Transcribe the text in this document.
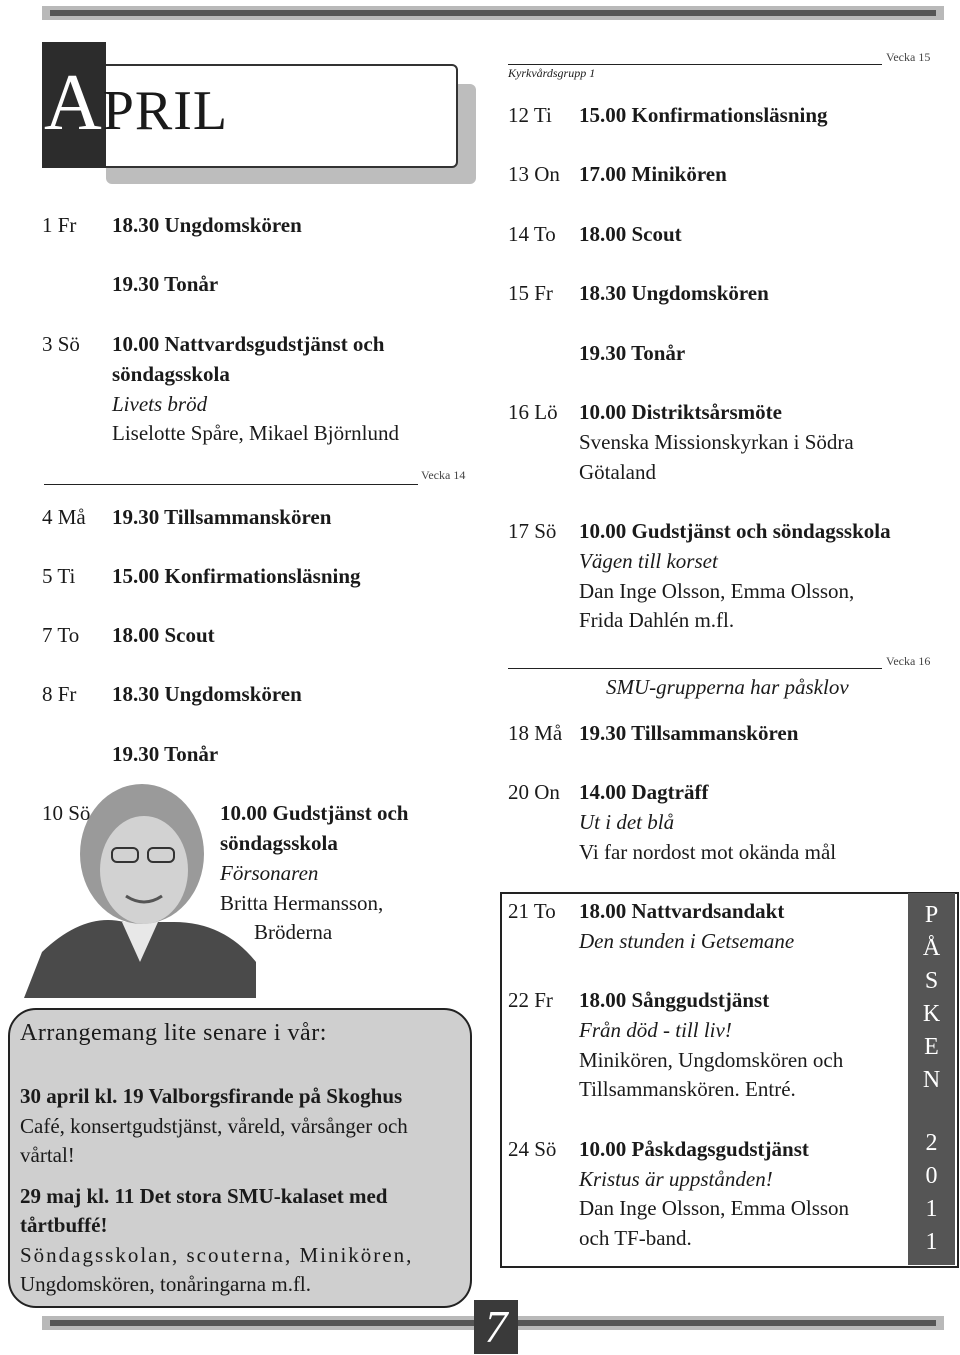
7
APRIL
1 Fr 18.30 Ungdomskören
19.30 Tonår
3 Sö 10.00 Nattvardsgudstjänst och
söndagsskola
Livets bröd
Liselotte Spåre, Mikael Björnlund
Vecka 14
4 Må 19.30 Tillsammanskören
5 Ti 15.00 Konfirmationsläsning
7 To 18.00 Scout
8 Fr 18.30 Ungdomskören
19.30 Tonår
10 Sö	10.00 Gudstjänst och
söndagsskola
Försonaren
Britta Hermansson,
Bröderna
Arrangemang lite senare i vår:
30 april kl. 19 Valborgsfirande på Skoghus
Café, konsertgudstjänst, våreld, vårsånger och
vårtal!
29 maj kl. 11 Det stora SMU-kalaset med
tårtbuffé!
Söndagsskolan, scouterna, Minikören,
Ungdomskören, tonåringarna m.fl.
Kyrkvårdsgrupp 1
Vecka 15
12 Ti 15.00 Konfirmationsläsning
13 On 17.00 Minikören
14 To 18.00 Scout
15 Fr 18.30 Ungdomskören
19.30 Tonår
16 Lö 10.00 Distriktsårsmöte
Svenska Missionskyrkan i Södra
Götaland
17 Sö 10.00 Gudstjänst och söndagsskola
Vägen till korset
Dan Inge Olsson, Emma Olsson,
Frida Dahlén m.fl.
Vecka 16
SMU-grupperna har påsklov
18 Må 19.30 Tillsammanskören
20 On 14.00 Dagträff
Ut i det blå
Vi far nordost mot okända mål
P
Å
S
K
E
N
2
0
1
1
21 To 18.00 Nattvardsandakt
Den stunden i Getsemane
22 Fr 18.00 Sånggudstjänst
Från död - till liv!
Minikören, Ungdomskören och
Tillsammanskören. Entré.
24 Sö 10.00 Påskdagsgudstjänst
Kristus är uppstånden!
Dan Inge Olsson, Emma Olsson
och TF-band.
